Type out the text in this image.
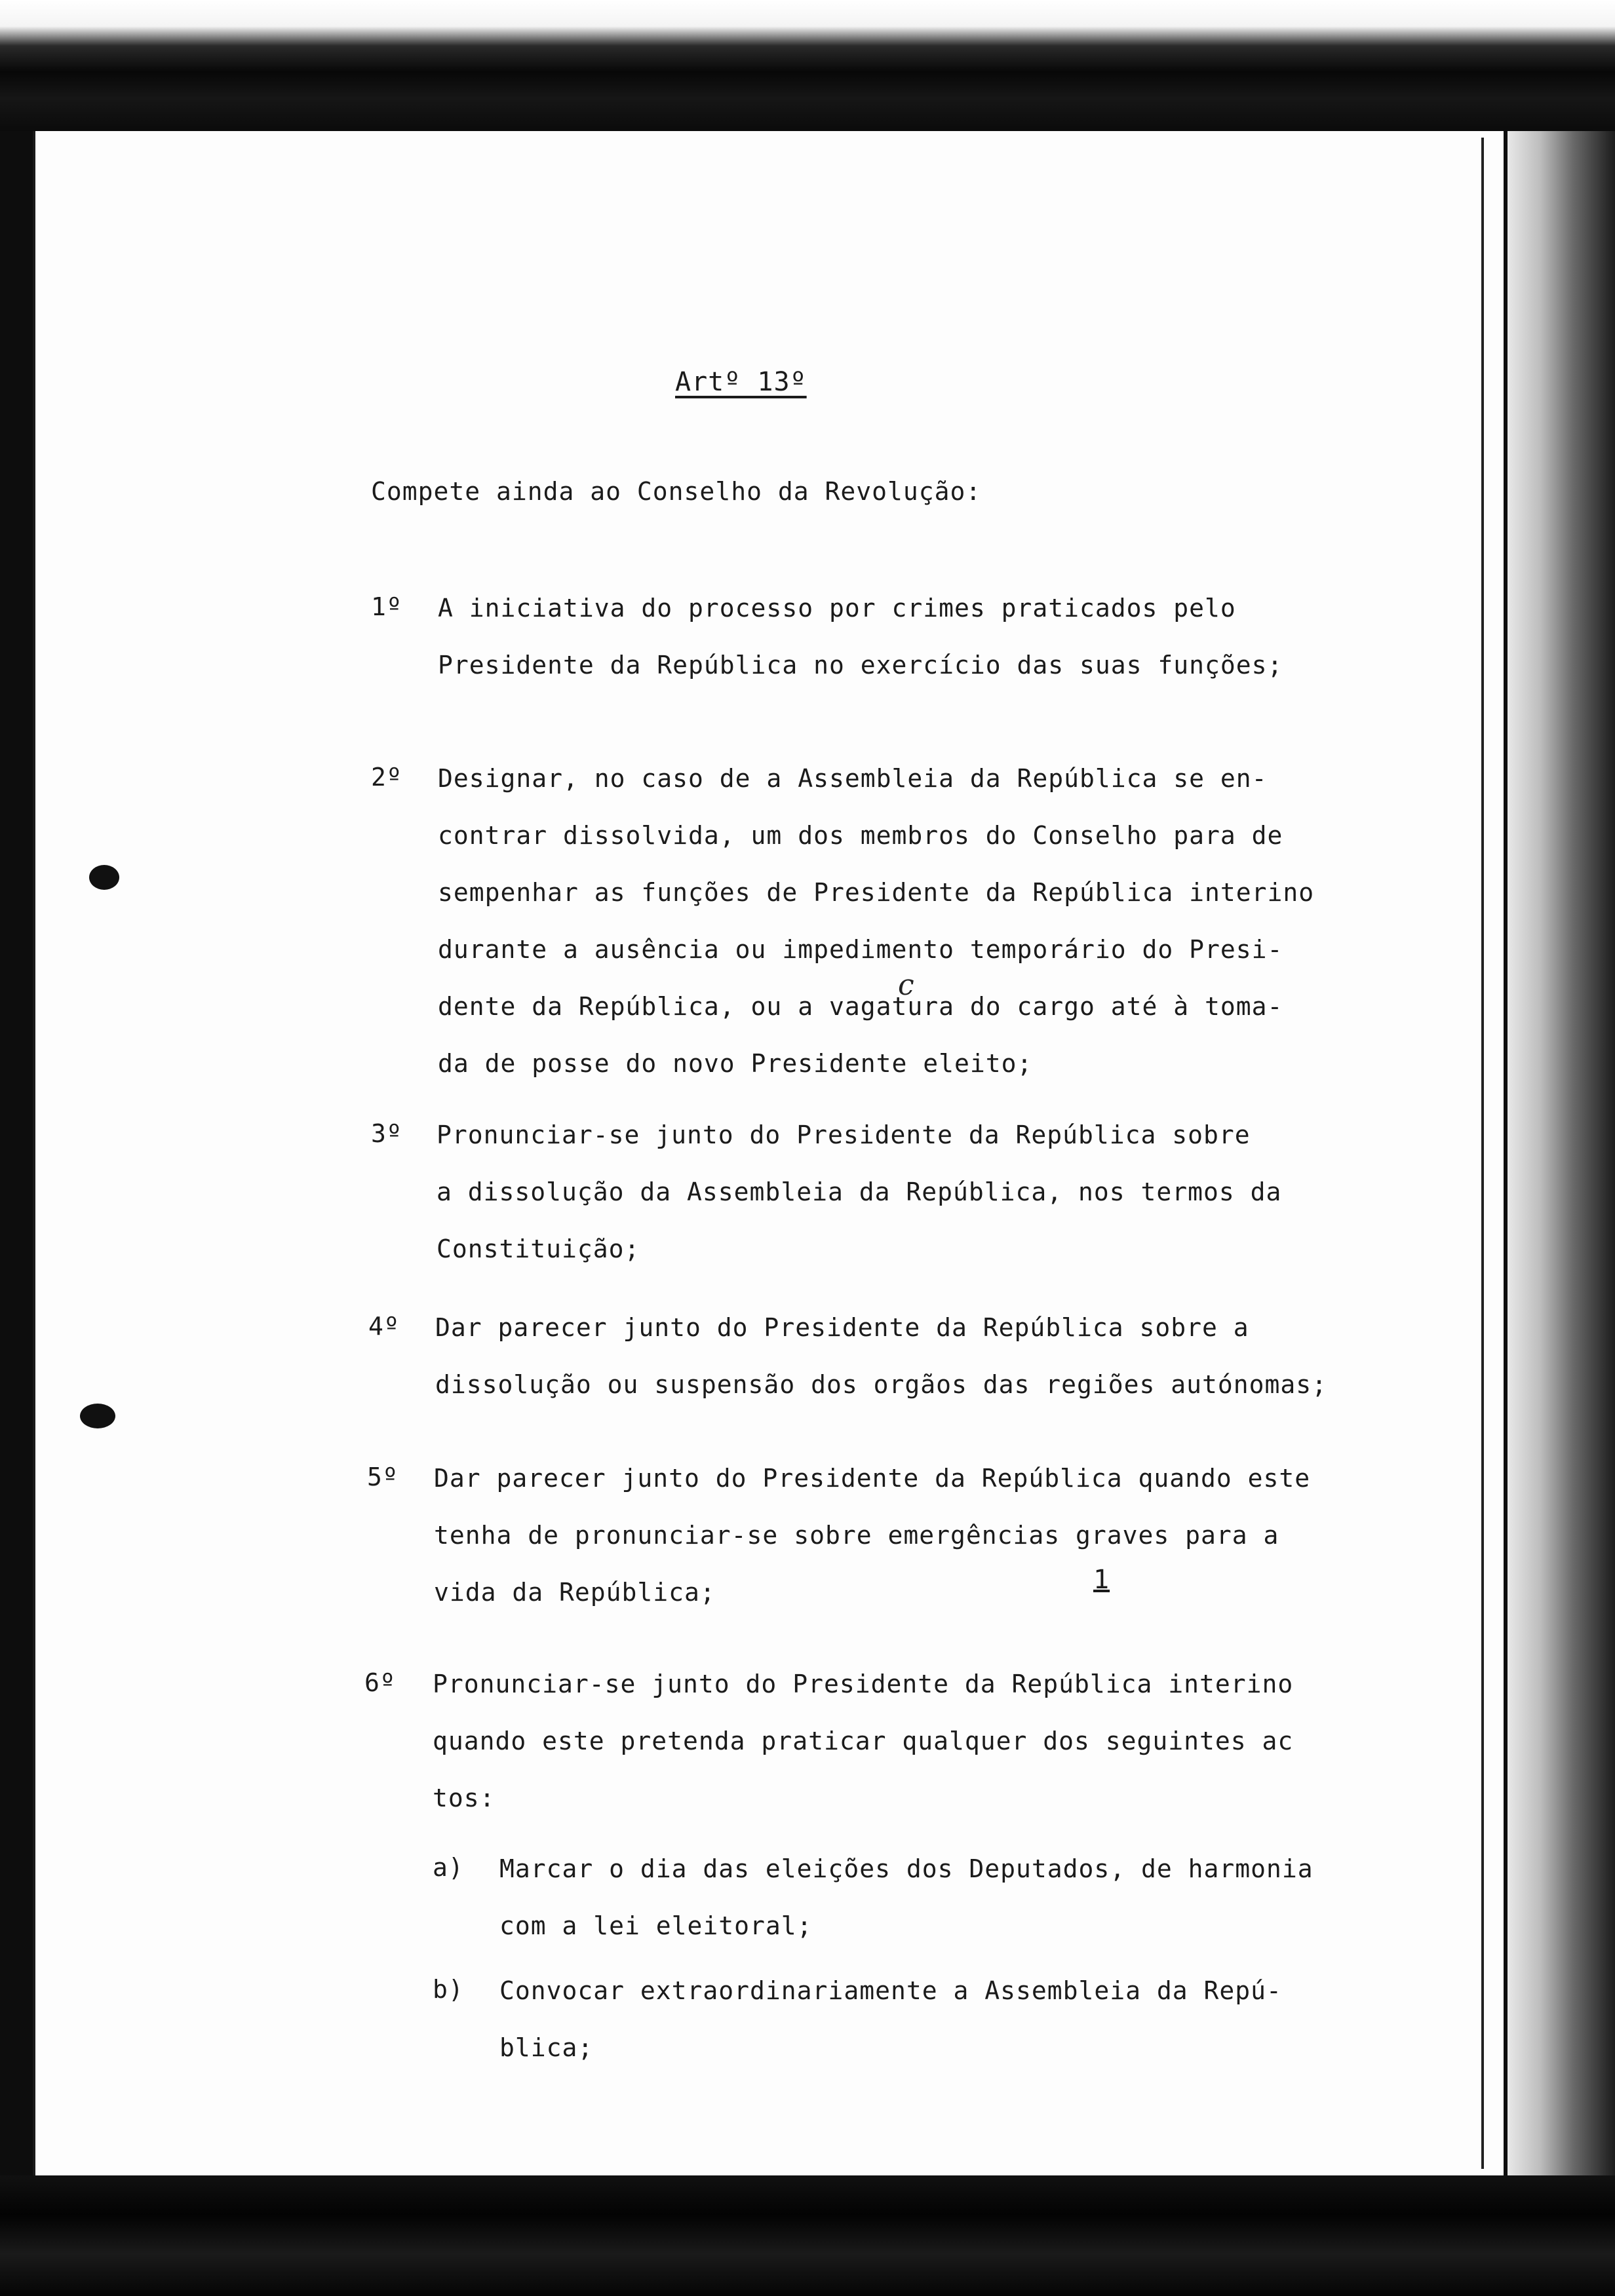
Artº 13º
Compete ainda ao Conselho da Revolução:
1º A iniciativa do processo por crimes praticados pelo
Presidente da República no exercício das suas funções;
2º Designar, no caso de a Assembleia da República se en-
contrar dissolvida, um dos membros do Conselho para de
sempenhar as funções de Presidente da República interino
durante a ausência ou impedimento temporário do Presi-
dente da República, ou a vagatura do cargo até à toma-
da de posse do novo Presidente eleito;
c
3º Pronunciar-se junto do Presidente da República sobre
a dissolução da Assembleia da República, nos termos da
Constituição;
4º Dar parecer junto do Presidente da República sobre a
dissolução ou suspensão dos orgãos das regiões autónomas;
5º Dar parecer junto do Presidente da República quando este
tenha de pronunciar-se sobre emergências graves para a
vida da República;	1
6º Pronunciar-se junto do Presidente da República interino
quando este pretenda praticar qualquer dos seguintes ac
tos:
a) Marcar o dia das eleições dos Deputados, de harmonia
com a lei eleitoral;
b) Convocar extraordinariamente a Assembleia da Repú-
blica;
